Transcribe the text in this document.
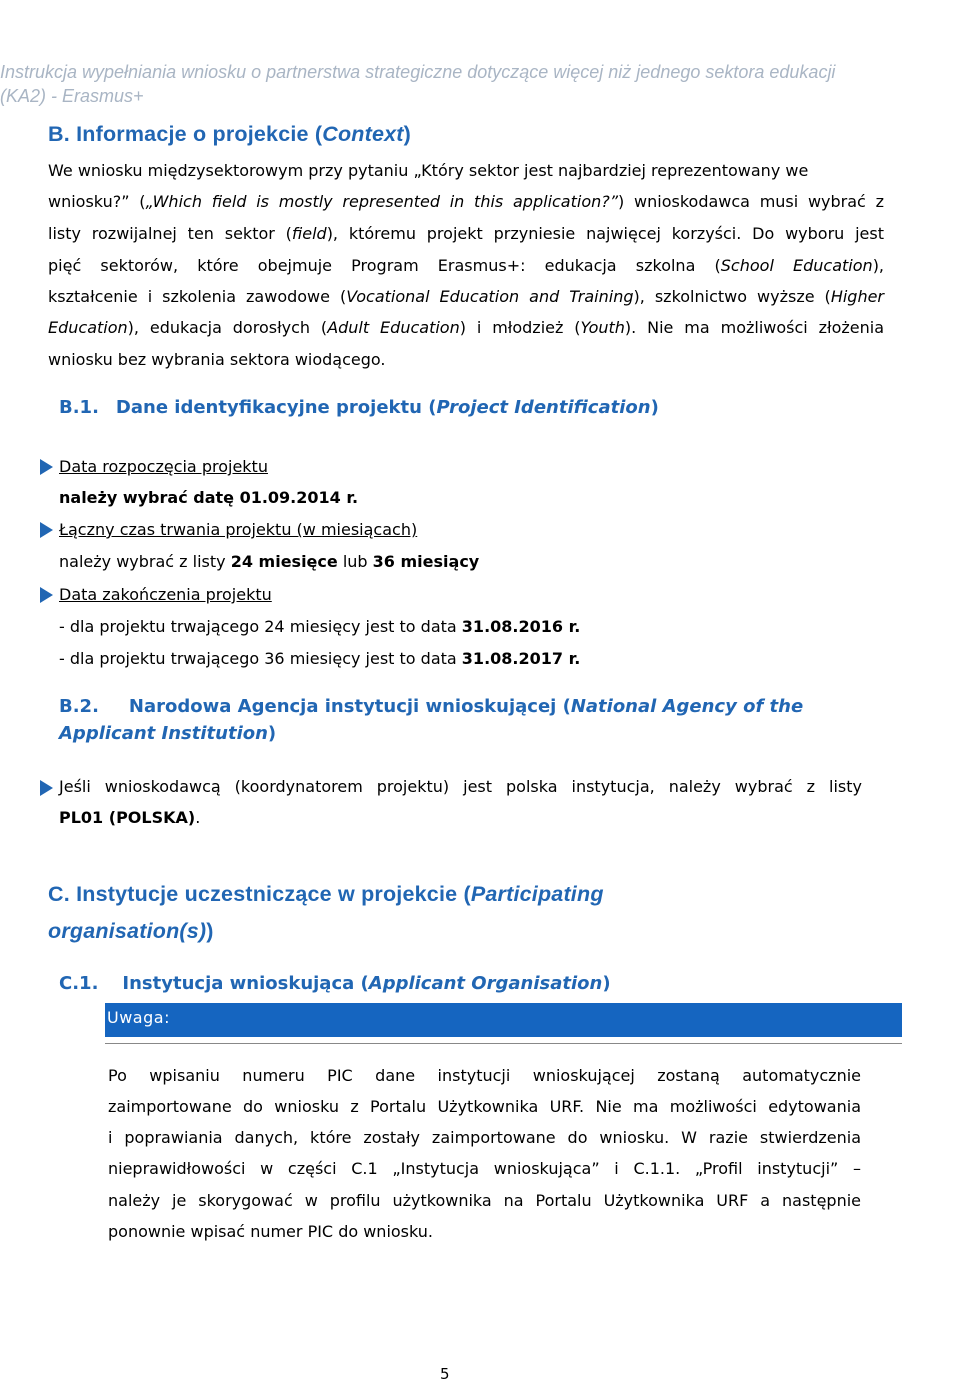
Instrukcja wypełniania wniosku o partnerstwa strategiczne dotyczące więcej niż jednego sektora edukacji
(KA2) - Erasmus+
B. Informacje o projekcie (Context)
We wniosku międzysektorowym przy pytaniu „Który sektor jest najbardziej reprezentowany we
wniosku?” („Which field is mostly represented in this application?”) wnioskodawca musi wybrać z
listy rozwijalnej ten sektor (field), któremu projekt przyniesie najwięcej korzyści. Do wyboru jest
pięć sektorów, które obejmuje Program Erasmus+: edukacja szkolna (School Education),
kształcenie i szkolenia zawodowe (Vocational Education and Training), szkolnictwo wyższe (Higher
Education), edukacja dorosłych (Adult Education) i młodzież (Youth). Nie ma możliwości złożenia
wniosku bez wybrania sektora wiodącego.
B.1. Dane identyfikacyjne projektu (Project Identification)
Data rozpoczęcia projektu
należy wybrać datę 01.09.2014 r.
Łączny czas trwania projektu (w miesiącach)
należy wybrać z listy 24 miesięce lub 36 miesiący
Data zakończenia projektu
- dla projektu trwającego 24 miesięcy jest to data 31.08.2016 r.
- dla projektu trwającego 36 miesięcy jest to data 31.08.2017 r.
B.2. Narodowa Agencja instytucji wnioskującej (National Agency of the
Applicant Institution)
Jeśli wnioskodawcą (koordynatorem projektu) jest polska instytucja, należy wybrać z listy
PL01 (POLSKA).
C. Instytucje uczestniczące w projekcie (Participating
organisation(s))
C.1. Instytucja wnioskująca (Applicant Organisation)
Uwaga:
Po wpisaniu numeru PIC dane instytucji wnioskującej zostaną automatycznie
zaimportowane do wniosku z Portalu Użytkownika URF. Nie ma możliwości edytowania
i poprawiania danych, które zostały zaimportowane do wniosku. W razie stwierdzenia
nieprawidłowości w części C.1 „Instytucja wnioskująca” i C.1.1. „Profil instytucji” –
należy je skorygować w profilu użytkownika na Portalu Użytkownika URF a następnie
ponownie wpisać numer PIC do wniosku.
5
